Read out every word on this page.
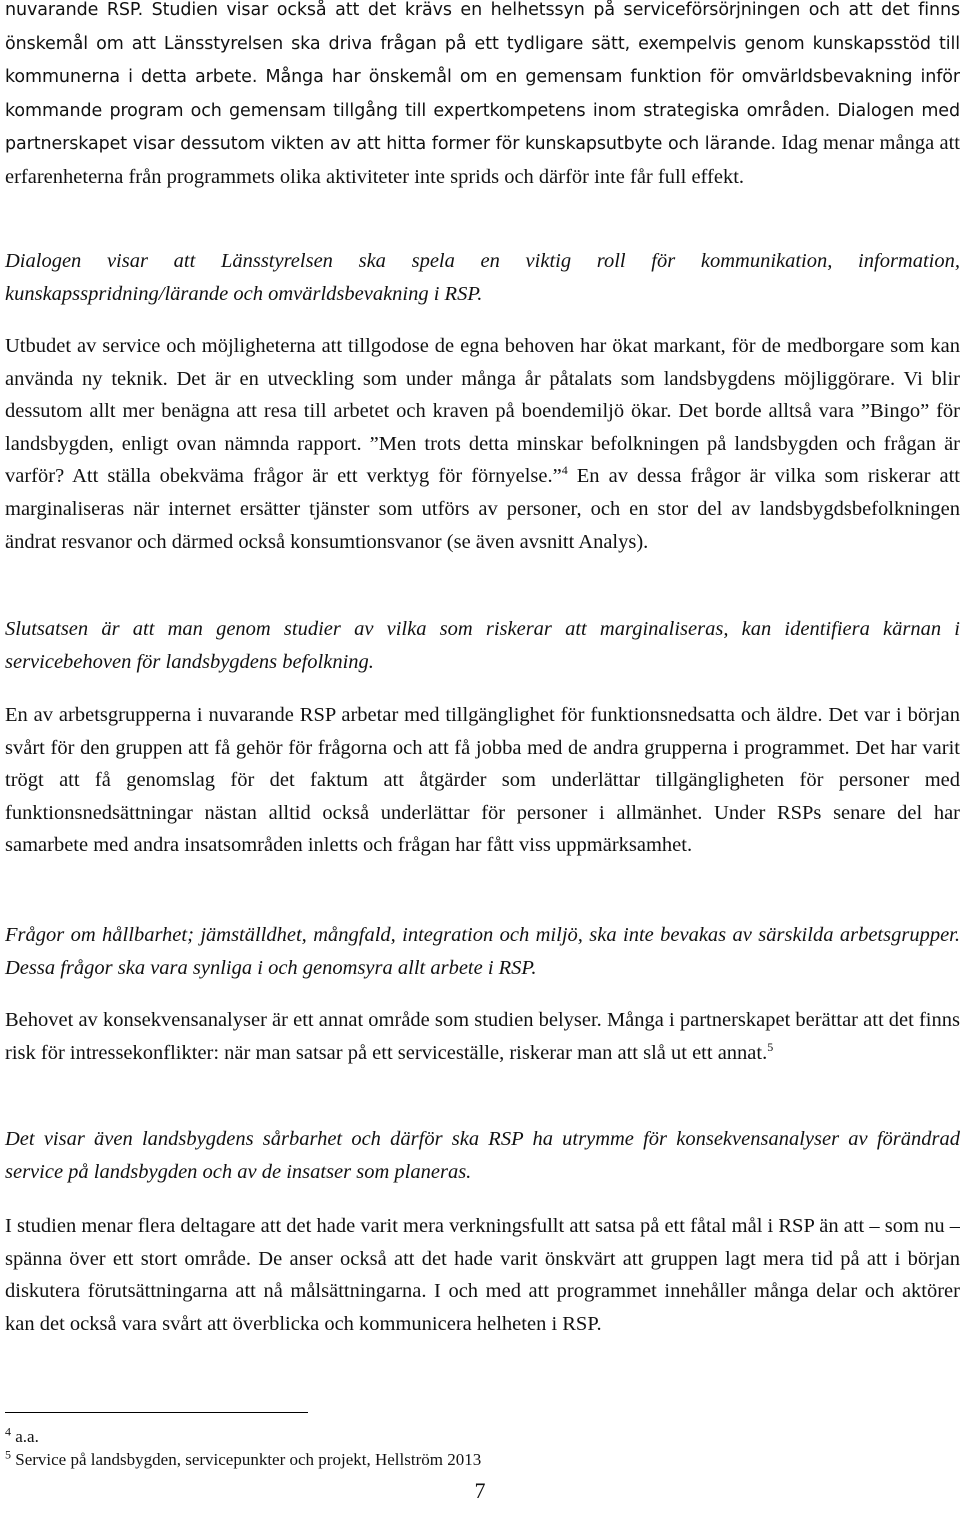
nuvarande RSP. Studien visar också att det krävs en helhetssyn på serviceförsörjningen och att det finns önskemål om att Länsstyrelsen ska driva frågan på ett tydligare sätt, exempelvis genom kunskapsstöd till kommunerna i detta arbete. Många har önskemål om en gemensam funktion för omvärldsbevakning inför kommande program och gemensam tillgång till expertkompetens inom strategiska områden. Dialogen med partnerskapet visar dessutom vikten av att hitta former för kunskapsutbyte och lärande. Idag menar många att erfarenheterna från programmets olika aktiviteter inte sprids och därför inte får full effekt.

Dialogen visar att Länsstyrelsen ska spela en viktig roll för kommunikation, information, kunskapsspridning/lärande och omvärldsbevakning i RSP.

Utbudet av service och möjligheterna att tillgodose de egna behoven har ökat markant, för de medborgare som kan använda ny teknik. Det är en utveckling som under många år påtalats som landsbygdens möjliggörare. Vi blir dessutom allt mer benägna att resa till arbetet och kraven på boendemiljö ökar. Det borde alltså vara ”Bingo” för landsbygden, enligt ovan nämnda rapport. ”Men trots detta minskar befolkningen på landsbygden och frågan är varför? Att ställa obekväma frågor är ett verktyg för förnyelse.”$^4$ En av dessa frågor är vilka som riskerar att marginaliseras när internet ersätter tjänster som utförs av personer, och en stor del av landsbygdsbefolkningen ändrat resvanor och därmed också konsumtionsvanor (se även avsnitt Analys).

Slutsatsen är att man genom studier av vilka som riskerar att marginaliseras, kan identifiera kärnan i servicebehoven för landsbygdens befolkning.

En av arbetsgrupperna i nuvarande RSP arbetar med tillgänglighet för funktionsnedsatta och äldre. Det var i början svårt för den gruppen att få gehör för frågorna och att få jobba med de andra grupperna i programmet. Det har varit trögt att få genomslag för det faktum att åtgärder som underlättar tillgängligheten för personer med funktionsnedsättningar nästan alltid också underlättar för personer i allmänhet. Under RSPs senare del har samarbete med andra insatsområden inletts och frågan har fått viss uppmärksamhet.

Frågor om hållbarhet; jämställdhet, mångfald, integration och miljö, ska inte bevakas av särskilda arbetsgrupper. Dessa frågor ska vara synliga i och genomsyra allt arbete i RSP.

Behovet av konsekvensanalyser är ett annat område som studien belyser. Många i partnerskapet berättar att det finns risk för intressekonflikter: när man satsar på ett serviceställe, riskerar man att slå ut ett annat.$^5$

Det visar även landsbygdens sårbarhet och därför ska RSP ha utrymme för konsekvensanalyser av förändrad service på landsbygden och av de insatser som planeras.

I studien menar flera deltagare att det hade varit mera verkningsfullt att satsa på ett fåtal mål i RSP än att – som nu – spänna över ett stort område. De anser också att det hade varit önskvärt att gruppen lagt mera tid på att i början diskutera förutsättningarna att nå målsättningarna. I och med att programmet innehåller många delar och aktörer kan det också vara svårt att överblicka och kommunicera helheten i RSP.

$^4$ a.a.
$^5$ Service på landsbygden, servicepunkter och projekt, Hellström 2013
7
